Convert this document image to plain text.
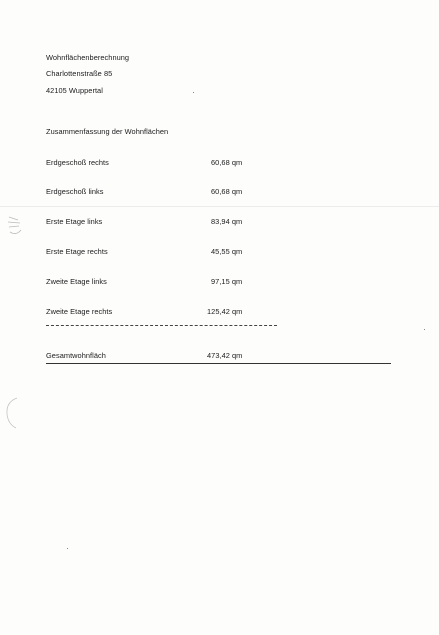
Wohnflächenberechnung
Charlottenstraße 85
42105 Wuppertal
Zusammenfassung der Wohnflächen
Erdgeschoß rechts	60,68 qm
Erdgeschoß links	60,68 qm
Erste Etage links	83,94 qm
Erste Etage rechts	45,55 qm
Zweite Etage links	97,15 qm
Zweite Etage rechts	125,42 qm
Gesamtwohnfläch	473,42 qm
